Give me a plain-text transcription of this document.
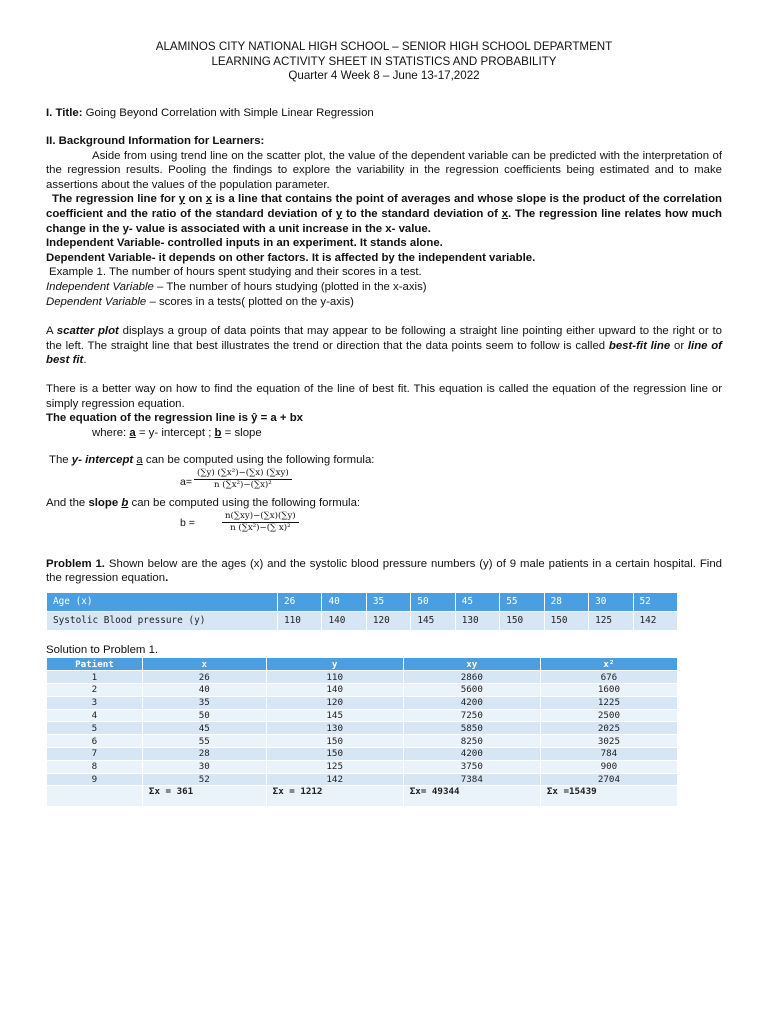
ALAMINOS CITY NATIONAL HIGH SCHOOL – SENIOR HIGH SCHOOL DEPARTMENT
LEARNING ACTIVITY SHEET IN STATISTICS AND PROBABILITY
Quarter 4 Week 8 – June 13-17,2022

I. Title: Going Beyond Correlation with Simple Linear Regression

II. Background Information for Learners:

Aside from using trend line on the scatter plot, the value of the dependent variable can be predicted with the interpretation of the regression results. Pooling the findings to explore the variability in the regression coefficients being estimated and to make assertions about the values of the population parameter.

The regression line for y on x is a line that contains the point of averages and whose slope is the product of the correlation coefficient and the ratio of the standard deviation of y to the standard deviation of x. The regression line relates how much change in the y- value is associated with a unit increase in the x- value.

Independent Variable- controlled inputs in an experiment. It stands alone.

Dependent Variable- it depends on other factors. It is affected by the independent variable.

Example 1. The number of hours spent studying and their scores in a test.

Independent Variable – The number of hours studying (plotted in the x-axis)

Dependent Variable – scores in a tests( plotted on the y-axis)

A scatter plot displays a group of data points that may appear to be following a straight line pointing either upward to the right or to the left. The straight line that best illustrates the trend or direction that the data points seem to follow is called best-fit line or line of best fit.

There is a better way on how to find the equation of the line of best fit. This equation is called the equation of the regression line or simply regression equation.

The equation of the regression line is ŷ = a + bx

where: a = y- intercept ; b = slope

The y- intercept a can be computed using the following formula:

$a= \frac{\text{(∑y) (∑x²)−(∑x) (∑xy)}}{\text{n (∑x²)−(∑x)²}}$

And the slope b can be computed using the following formula:

b =	$\frac{n(\sum xy)-(\sum x)(\sum y)}{\text{n (∑x²)−(∑ x)²}}$

Problem 1. Shown below are the ages (x) and the systolic blood pressure numbers (y) of 9 male patients in a certain hospital. Find the regression equation.

Age (x)	26	40	35	50	45	55	28	30	52
Systolic Blood pressure (y)	110	140	120	145	130	150	150	125	142

Solution to Problem 1.

Patient	x	y	xy	x²
1	26	110	2860	676
2	40	140	5600	1600
3	35	120	4200	1225
4	50	145	7250	2500
5	45	130	5850	2025
6	55	150	8250	3025
7	28	150	4200	784
8	30	125	3750	900
9	52	142	7384	2704
	Σx = 361	Σx = 1212	Σx= 49344	Σx =15439
